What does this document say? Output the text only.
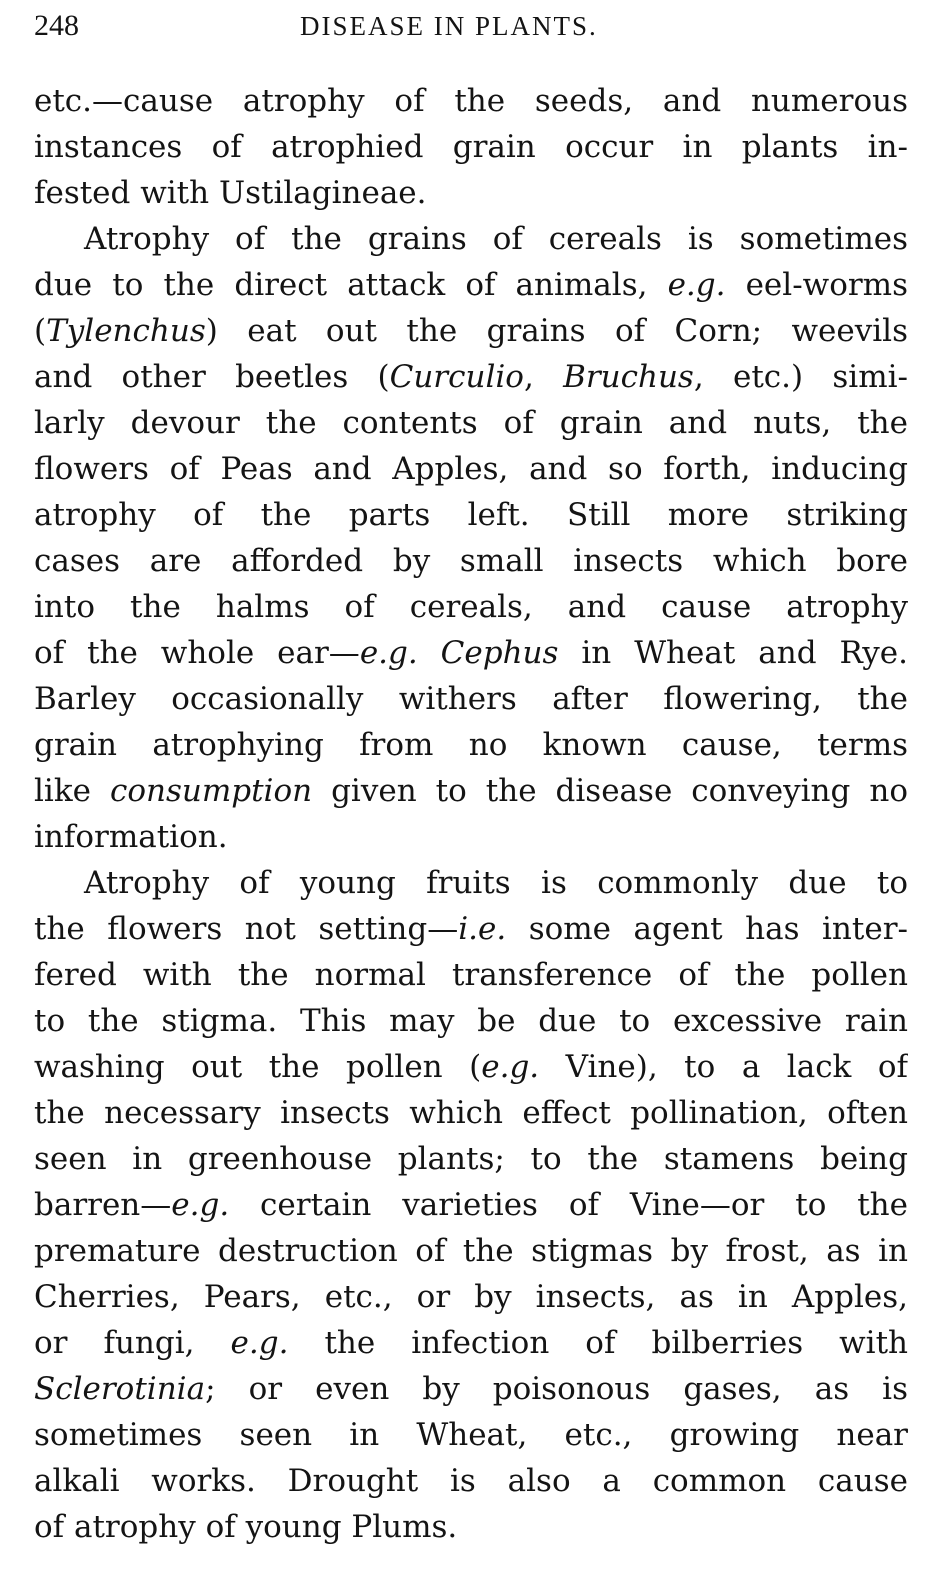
248	DISEASE IN PLANTS.
etc.—cause atrophy of the seeds, and numerous
instances of atrophied grain occur in plants in-
fested with Ustilagineae.
Atrophy of the grains of cereals is sometimes
due to the direct attack of animals, e.g. eel-worms
(Tylenchus) eat out the grains of Corn; weevils
and other beetles (Curculio, Bruchus, etc.) simi-
larly devour the contents of grain and nuts, the
flowers of Peas and Apples, and so forth, inducing
atrophy of the parts left. Still more striking
cases are afforded by small insects which bore
into the halms of cereals, and cause atrophy
of the whole ear—e.g. Cephus in Wheat and Rye.
Barley occasionally withers after flowering, the
grain atrophying from no known cause, terms
like consumption given to the disease conveying no
information.
Atrophy of young fruits is commonly due to
the flowers not setting—i.e. some agent has inter-
fered with the normal transference of the pollen
to the stigma. This may be due to excessive rain
washing out the pollen (e.g. Vine), to a lack of
the necessary insects which effect pollination, often
seen in greenhouse plants; to the stamens being
barren—e.g. certain varieties of Vine—or to the
premature destruction of the stigmas by frost, as in
Cherries, Pears, etc., or by insects, as in Apples,
or fungi, e.g. the infection of bilberries with
Sclerotinia; or even by poisonous gases, as is
sometimes seen in Wheat, etc., growing near
alkali works. Drought is also a common cause
of atrophy of young Plums.
